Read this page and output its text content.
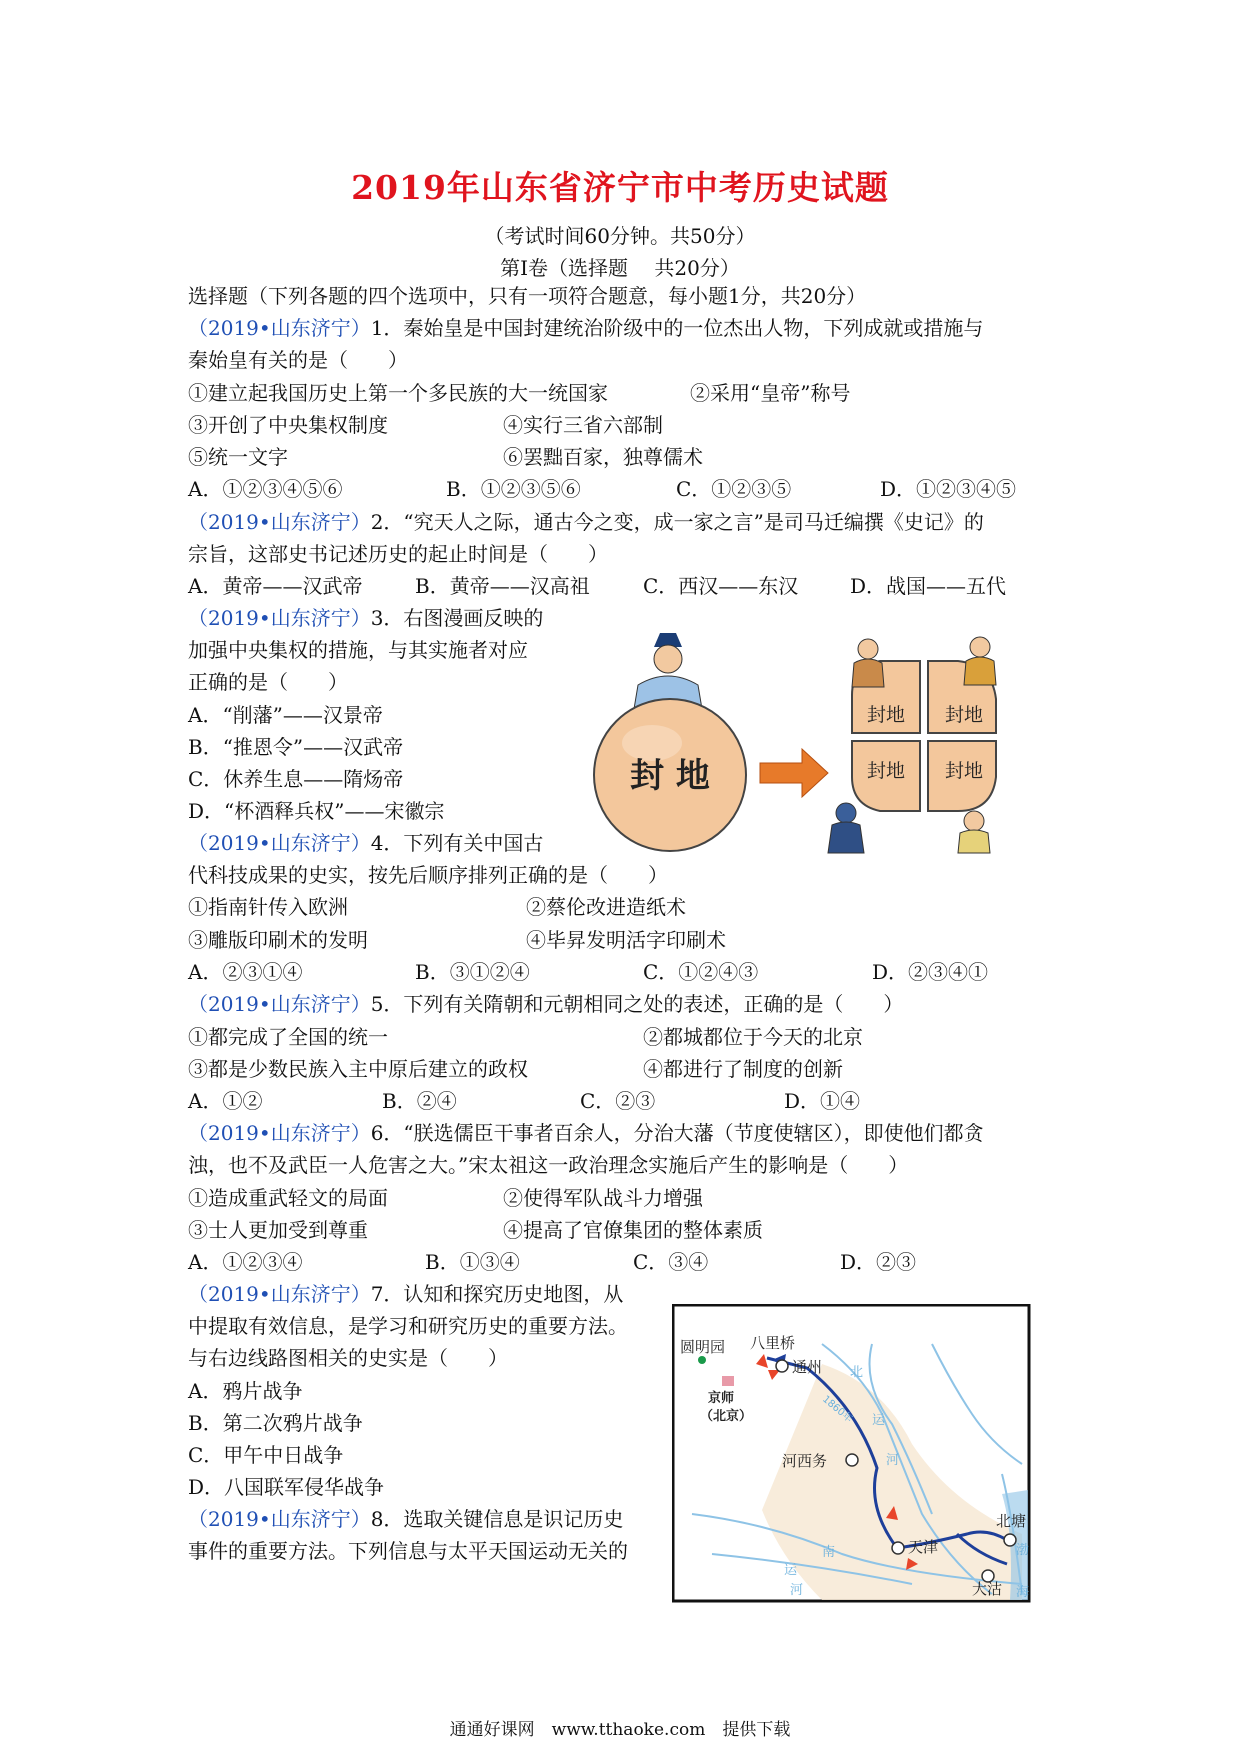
2019年山东省济宁市中考历史试题
（考试时间60分钟。共50分）
第Ⅰ卷（选择题　 共20分）
选择题（下列各题的四个选项中，只有一项符合题意，每小题1分，共20分）
（2019•山东济宁）1．秦始皇是中国封建统治阶级中的一位杰出人物，下列成就或措施与
秦始皇有关的是（　　）
①建立起我国历史上第一个多民族的大一统国家	②采用“皇帝”称号
③开创了中央集权制度	④实行三省六部制
⑤统一文字	⑥罢黜百家，独尊儒术
A．①②③④⑤⑥	B．①②③⑤⑥	C．①②③⑤	D．①②③④⑤
（2019•山东济宁）2．“究天人之际，通古今之变，成一家之言”是司马迁编撰《史记》的
宗旨，这部史书记述历史的起止时间是（　　）
A．黄帝——汉武帝	B．黄帝——汉高祖	C．西汉——东汉	D．战国——五代
（2019•山东济宁）3．右图漫画反映的
加强中央集权的措施，与其实施者对应
正确的是（　　）
A．“削藩”——汉景帝
B．“推恩令”——汉武帝
C．休养生息——隋炀帝
D．“杯酒释兵权”——宋徽宗
封 地
封地 封地
封地 封地
（2019•山东济宁）4．下列有关中国古
代科技成果的史实，按先后顺序排列正确的是（　　）
①指南针传入欧洲	②蔡伦改进造纸术
③雕版印刷术的发明	④毕昇发明活字印刷术
A．②③①④	B．③①②④	C．①②④③	D．②③④①
（2019•山东济宁）5．下列有关隋朝和元朝相同之处的表述，正确的是（　　）
①都完成了全国的统一	②都城都位于今天的北京
③都是少数民族入主中原后建立的政权	④都进行了制度的创新
A．①②	B．②④	C．②③	D．①④
（2019•山东济宁）6．“朕选儒臣干事者百余人，分治大藩（节度使辖区），即使他们都贪
浊，也不及武臣一人危害之大。”宋太祖这一政治理念实施后产生的影响是（　　）
①造成重武轻文的局面	②使得军队战斗力增强
③士人更加受到尊重	④提高了官僚集团的整体素质
A．①②③④	B．①③④	C．③④	D．②③
（2019•山东济宁）7．认知和探究历史地图，从
中提取有效信息，是学习和研究历史的重要方法。
与右边线路图相关的史实是（　　）
A．鸦片战争
B．第二次鸦片战争
C．甲午中日战争
D．八国联军侵华战争
圆明园 八里桥
通州
京师
（北京）
河西务
天津
北塘
大沽
北
运
河
南
运
河
渤
海
1860年
（2019•山东济宁）8．选取关键信息是识记历史
事件的重要方法。下列信息与太平天国运动无关的
通通好课网　www.tthaoke.com　提供下载
